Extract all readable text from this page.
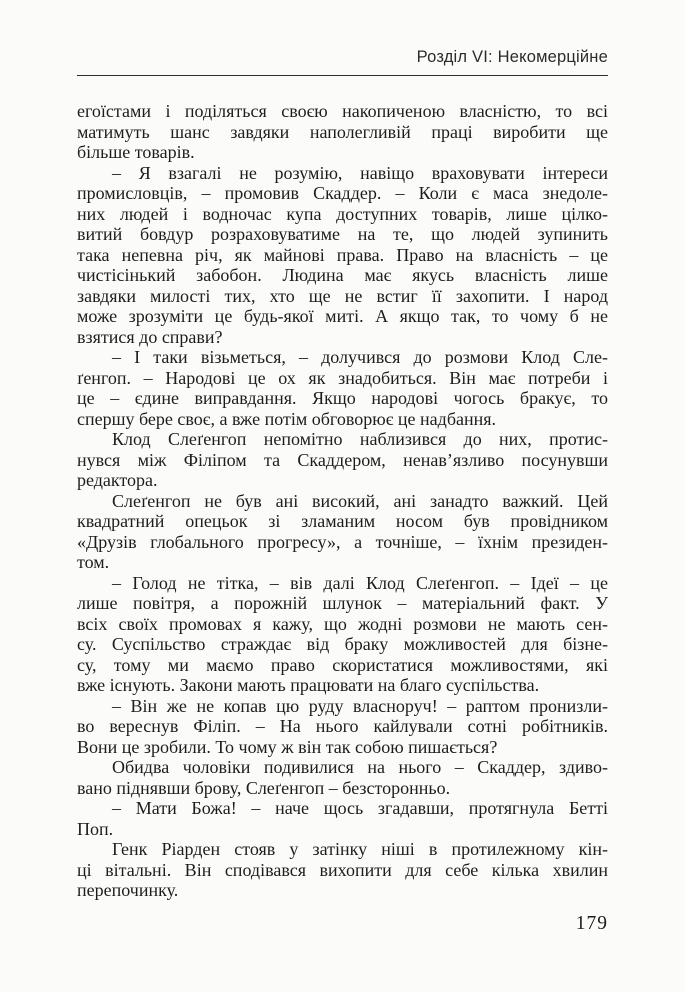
Розділ VI: Некомерційне
егоїстами і поділяться своєю накопиченою власністю, то всі
матимуть шанс завдяки наполегливій праці виробити ще
більше товарів.
– Я взагалі не розумію, навіщо враховувати інтереси
промисловців, – промовив Скаддер. – Коли є маса знедоле-
них людей і водночас купа доступних товарів, лише цілко-
витий бовдур розраховуватиме на те, що людей зупинить
така непевна річ, як майнові права. Право на власність – це
чистісінький забобон. Людина має якусь власність лише
завдяки милості тих, хто ще не встиг її захопити. І народ
може зрозуміти це будь-якої миті. А якщо так, то чому б не
взятися до справи?
– І таки візьметься, – долучився до розмови Клод Сле-
ґенгоп. – Народові це ох як знадобиться. Він має потреби і
це – єдине виправдання. Якщо народові чогось бракує, то
спершу бере своє, а вже потім обговорює це надбання.
Клод Слеґенгоп непомітно наблизився до них, протис-
нувся між Філіпом та Скаддером, ненав’язливо посунувши
редактора.
Слеґенгоп не був ані високий, ані занадто важкий. Цей
квадратний опецьок зі зламаним носом був провідником
«Друзів глобального прогресу», а точніше, – їхнім президен-
том.
– Голод не тітка, – вів далі Клод Слеґенгоп. – Ідеї – це
лише повітря, а порожній шлунок – матеріальний факт. У
всіх своїх промовах я кажу, що жодні розмови не мають сен-
су. Суспільство страждає від браку можливостей для бізне-
су, тому ми маємо право скористатися можливостями, які
вже існують. Закони мають працювати на благо суспільства.
– Він же не копав цю руду власноруч! – раптом пронизли-
во вереснув Філіп. – На нього кайлували сотні робітників.
Вони це зробили. То чому ж він так собою пишається?
Обидва чоловіки подивилися на нього – Скаддер, здиво-
вано піднявши брову, Слеґенгоп – безсторонньо.
– Мати Божа! – наче щось згадавши, протягнула Бетті
Поп.
Генк Ріарден стояв у затінку ніші в протилежному кін-
ці вітальні. Він сподівався вихопити для себе кілька хвилин
перепочинку.
179
